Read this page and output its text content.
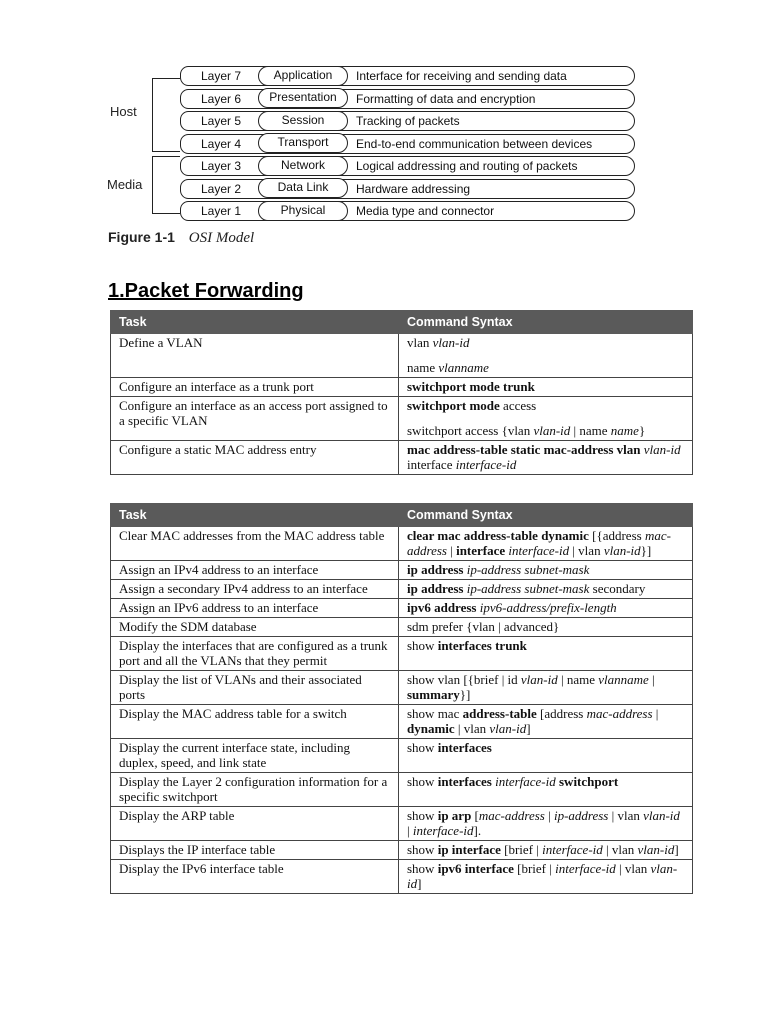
Host
Media
Layer 7	Application	Interface for receiving and sending data
Layer 6	Presentation	Formatting of data and encryption
Layer 5	Session	Tracking of packets
Layer 4	Transport	End-to-end communication between devices
Layer 3	Network	Logical addressing and routing of packets
Layer 2	Data Link	Hardware addressing
Layer 1	Physical	Media type and connector
Figure 1-1 OSI Model
1.Packet Forwarding
Task	Command Syntax
Define a VLAN	vlan vlan-id
name vlanname

Configure an interface as a trunk port	switchport mode trunk

Configure an interface as an access port assigned to a specific VLAN	switchport mode access
switchport access {vlan vlan-id | name name}

Configure a static MAC address entry	mac address-table static mac-address vlan vlan-id interface interface-id
Task	Command Syntax
Clear MAC addresses from the MAC address table	clear mac address-table dynamic [{address mac-address | interface interface-id | vlan vlan-id}]

Assign an IPv4 address to an interface	ip address ip-address subnet-mask

Assign a secondary IPv4 address to an interface	ip address ip-address subnet-mask secondary

Assign an IPv6 address to an interface	ipv6 address ipv6-address/prefix-length

Modify the SDM database	sdm prefer {vlan | advanced}

Display the interfaces that are configured as a trunk port and all the VLANs that they permit	show interfaces trunk

Display the list of VLANs and their associated ports	show vlan [{brief | id vlan-id | name vlanname | summary}]

Display the MAC address table for a switch	show mac address-table [address mac-address | dynamic | vlan vlan-id]

Display the current interface state, including duplex, speed, and link state	show interfaces

Display the Layer 2 configuration information for a specific switchport	show interfaces interface-id switchport

Display the ARP table	show ip arp [mac-address | ip-address | vlan vlan-id | interface-id].

Displays the IP interface table	show ip interface [brief | interface-id | vlan vlan-id]

Display the IPv6 interface table	show ipv6 interface [brief | interface-id | vlan vlan-id]
